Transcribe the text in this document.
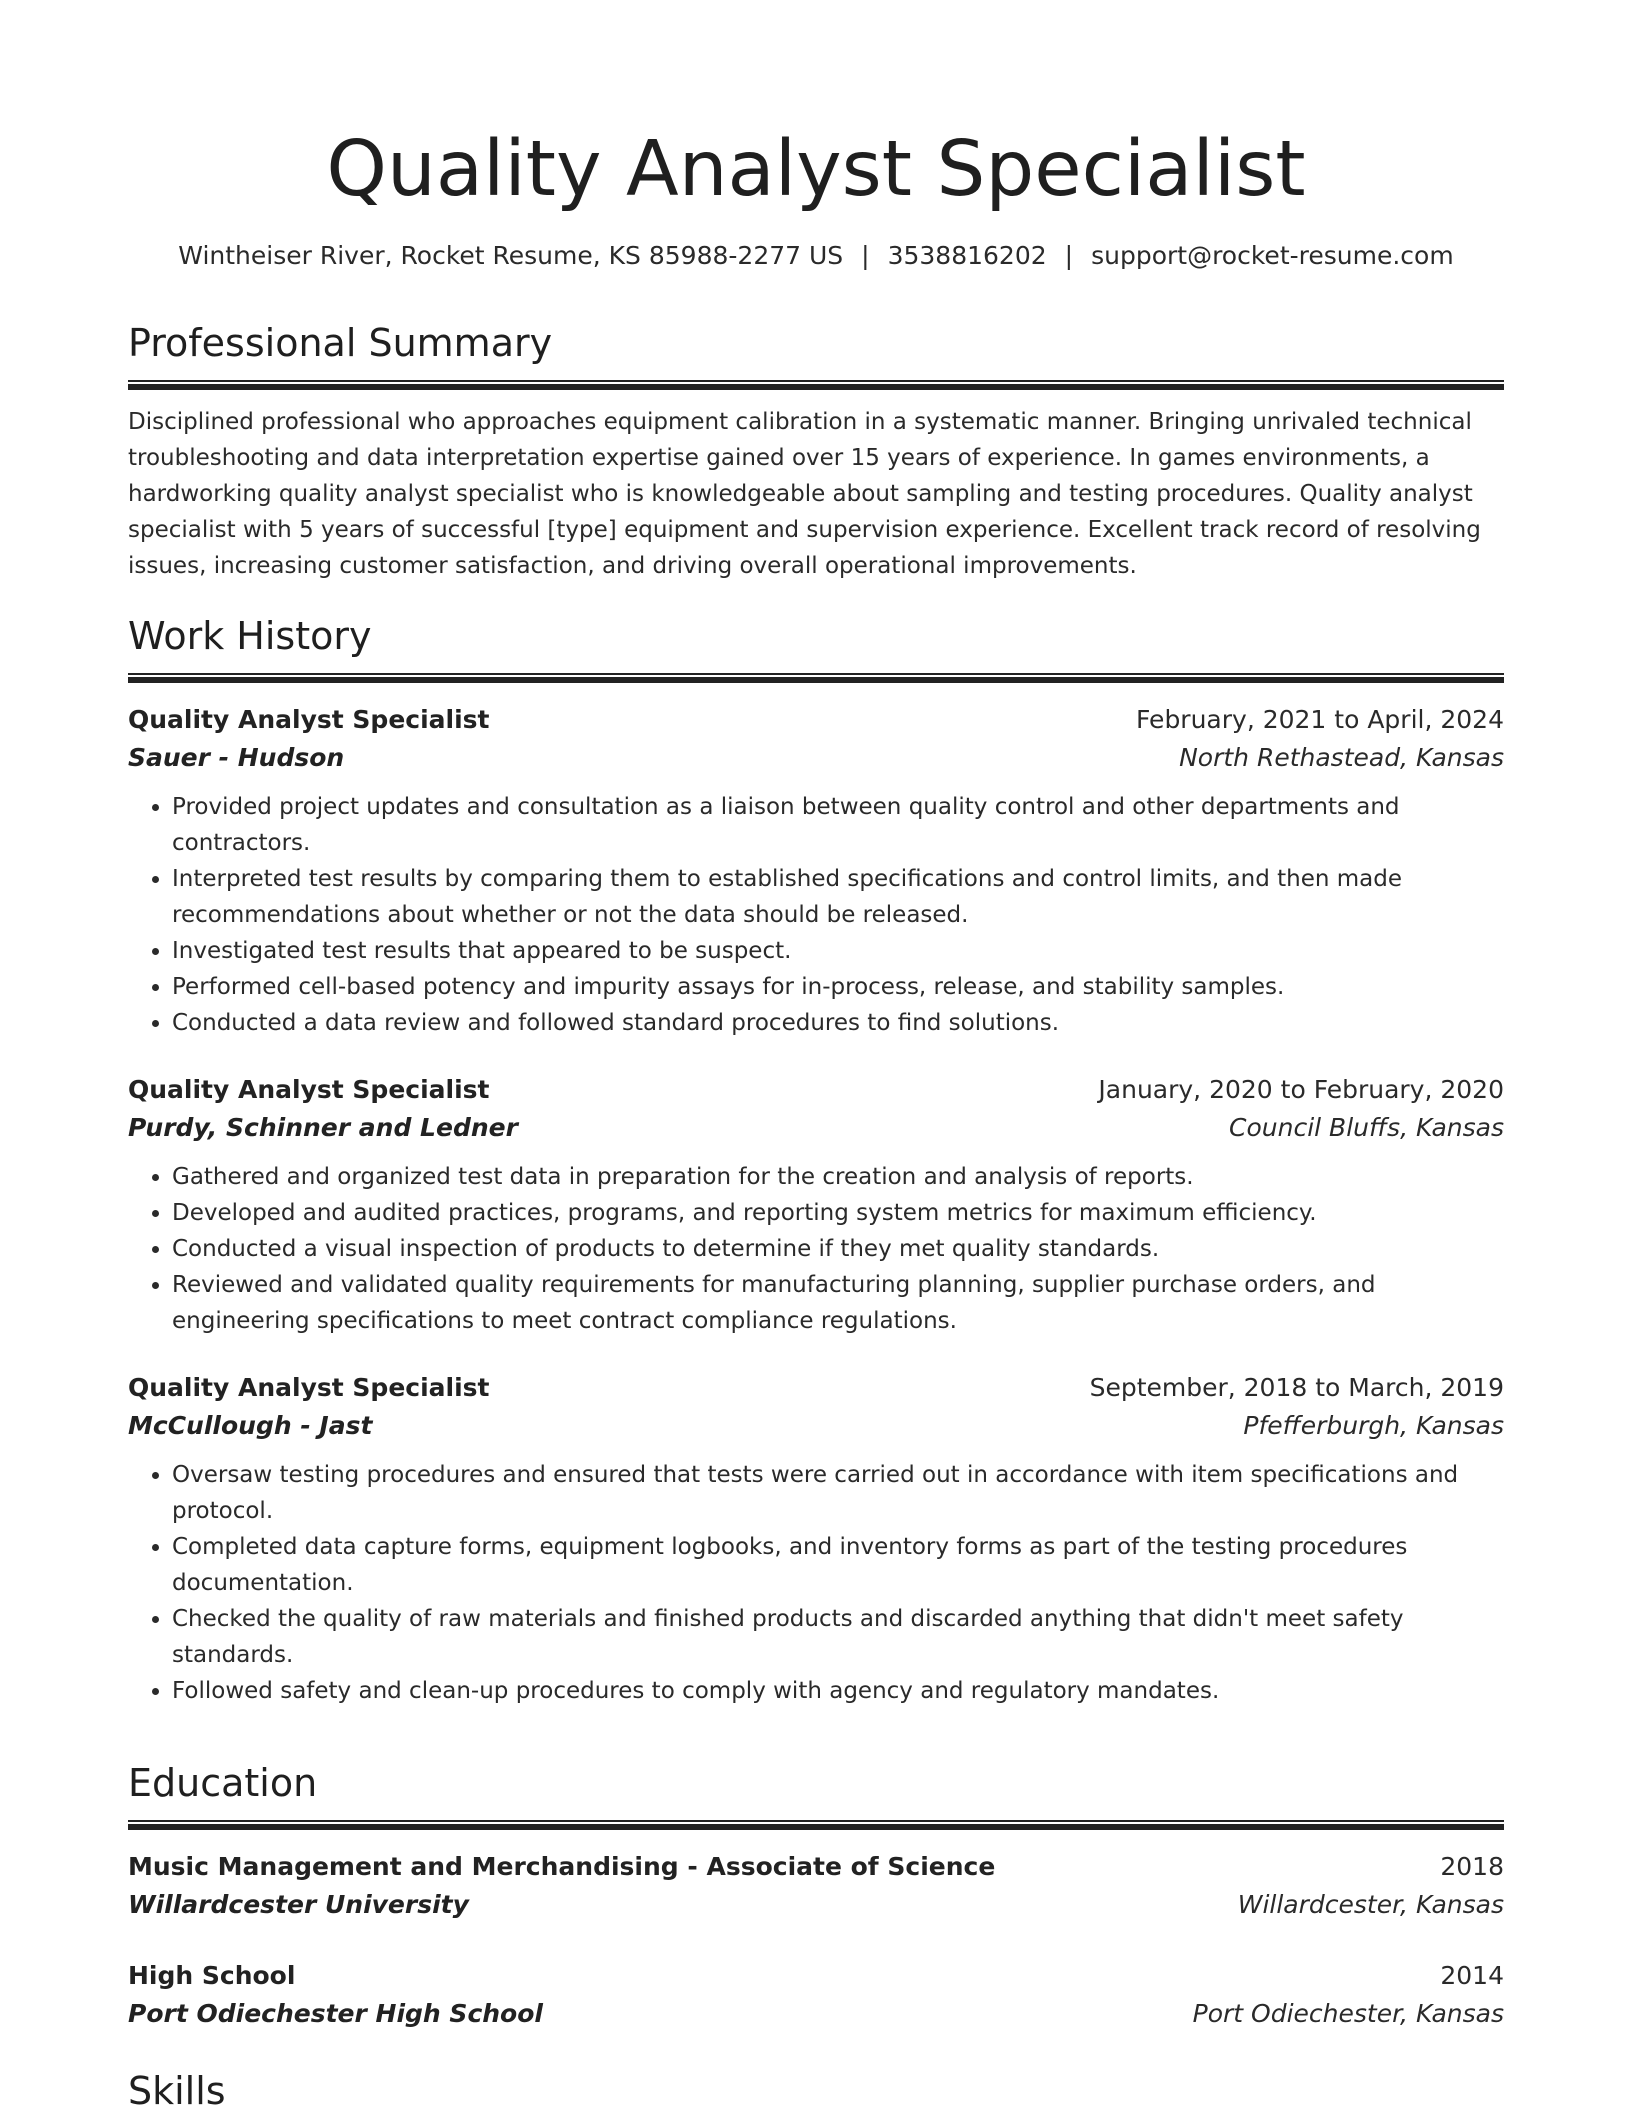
Quality Analyst Specialist
Wintheiser River, Rocket Resume, KS 85988-2277 US | 3538816202 | support@rocket-resume.com
Professional Summary
Disciplined professional who approaches equipment calibration in a systematic manner. Bringing unrivaled technical troubleshooting and data interpretation expertise gained over 15 years of experience. In games environments, a hardworking quality analyst specialist who is knowledgeable about sampling and testing procedures. Quality analyst specialist with 5 years of successful [type] equipment and supervision experience. Excellent track record of resolving issues, increasing customer satisfaction, and driving overall operational improvements.
Work History
Quality Analyst Specialist	February, 2021 to April, 2024
Sauer - Hudson	North Rethastead, Kansas
• Provided project updates and consultation as a liaison between quality control and other departments and contractors.
• Interpreted test results by comparing them to established specifications and control limits, and then made recommendations about whether or not the data should be released.
• Investigated test results that appeared to be suspect.
• Performed cell-based potency and impurity assays for in-process, release, and stability samples.
• Conducted a data review and followed standard procedures to find solutions.
Quality Analyst Specialist	January, 2020 to February, 2020
Purdy, Schinner and Ledner	Council Bluffs, Kansas
• Gathered and organized test data in preparation for the creation and analysis of reports.
• Developed and audited practices, programs, and reporting system metrics for maximum efficiency.
• Conducted a visual inspection of products to determine if they met quality standards.
• Reviewed and validated quality requirements for manufacturing planning, supplier purchase orders, and engineering specifications to meet contract compliance regulations.
Quality Analyst Specialist	September, 2018 to March, 2019
McCullough - Jast	Pfefferburgh, Kansas
• Oversaw testing procedures and ensured that tests were carried out in accordance with item specifications and protocol.
• Completed data capture forms, equipment logbooks, and inventory forms as part of the testing procedures documentation.
• Checked the quality of raw materials and finished products and discarded anything that didn't meet safety standards.
• Followed safety and clean-up procedures to comply with agency and regulatory mandates.
Education
Music Management and Merchandising - Associate of Science	2018
Willardcester University	Willardcester, Kansas
High School	2014
Port Odiechester High School	Port Odiechester, Kansas
Skills
